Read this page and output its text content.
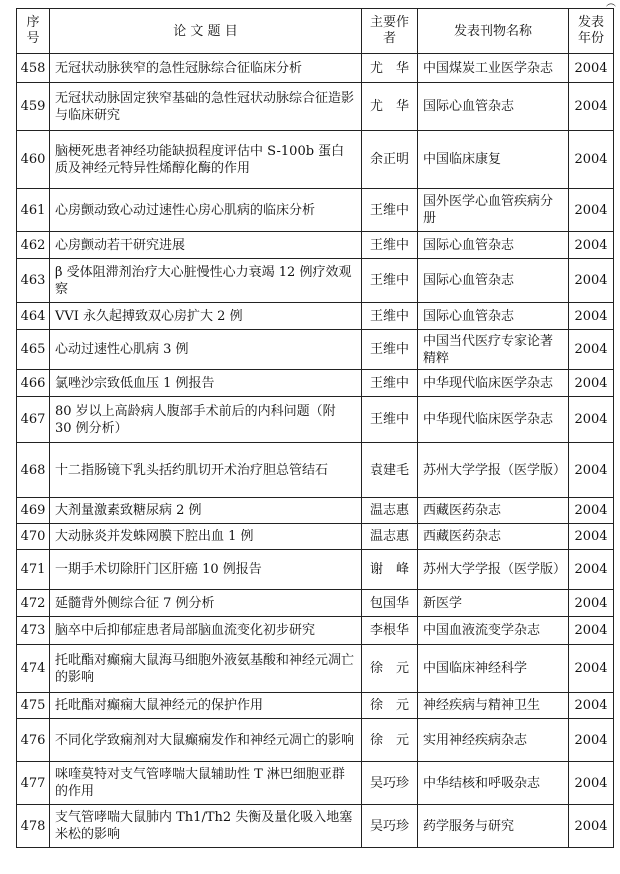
︵
序号	论 文 题 目	主要作者	发表刊物名称	发表年份

458	无冠状动脉狭窄的急性冠脉综合征临床分析	尤　华	中国煤炭工业医学杂志	2004
459	无冠状动脉固定狭窄基础的急性冠状动脉综合征造影与临床研究	尤　华	国际心血管杂志	2004
460	脑梗死患者神经功能缺损程度评估中 S-100b 蛋白质及神经元特异性烯醇化酶的作用	余正明	中国临床康复	2004
461	心房颤动致心动过速性心房心肌病的临床分析	王维中	国外医学心血管疾病分册	2004
462	心房颤动若干研究进展	王维中	国际心血管杂志	2004
463	β 受体阻滞剂治疗大心脏慢性心力衰竭 12 例疗效观察	王维中	国际心血管杂志	2004
464	VVI 永久起搏致双心房扩大 2 例	王维中	国际心血管杂志	2004
465	心动过速性心肌病 3 例	王维中	中国当代医疗专家论著精粹	2004
466	氯唑沙宗致低血压 1 例报告	王维中	中华现代临床医学杂志	2004
467	80 岁以上高龄病人腹部手术前后的内科问题（附 30 例分析）	王维中	中华现代临床医学杂志	2004
468	十二指肠镜下乳头括约肌切开术治疗胆总管结石	袁建毛	苏州大学学报（医学版）	2004
469	大剂量激素致糖尿病 2 例	温志惠	西藏医药杂志	2004
470	大动脉炎并发蛛网膜下腔出血 1 例	温志惠	西藏医药杂志	2004
471	一期手术切除肝门区肝癌 10 例报告	谢　峰	苏州大学学报（医学版）	2004
472	延髓背外侧综合征 7 例分析	包国华	新医学	2004
473	脑卒中后抑郁症患者局部脑血流变化初步研究	李根华	中国血液流变学杂志	2004
474	托吡酯对癫痫大鼠海马细胞外液氨基酸和神经元凋亡的影响	徐　元	中国临床神经科学	2004
475	托吡酯对癫痫大鼠神经元的保护作用	徐　元	神经疾病与精神卫生	2004
476	不同化学致痫剂对大鼠癫痫发作和神经元凋亡的影响	徐　元	实用神经疾病杂志	2004
477	咪喹莫特对支气管哮喘大鼠辅助性 T 淋巴细胞亚群的作用	吴巧珍	中华结核和呼吸杂志	2004
478	支气管哮喘大鼠肺内 Th1/Th2 失衡及量化吸入地塞米松的影响	吴巧珍	药学服务与研究	2004
